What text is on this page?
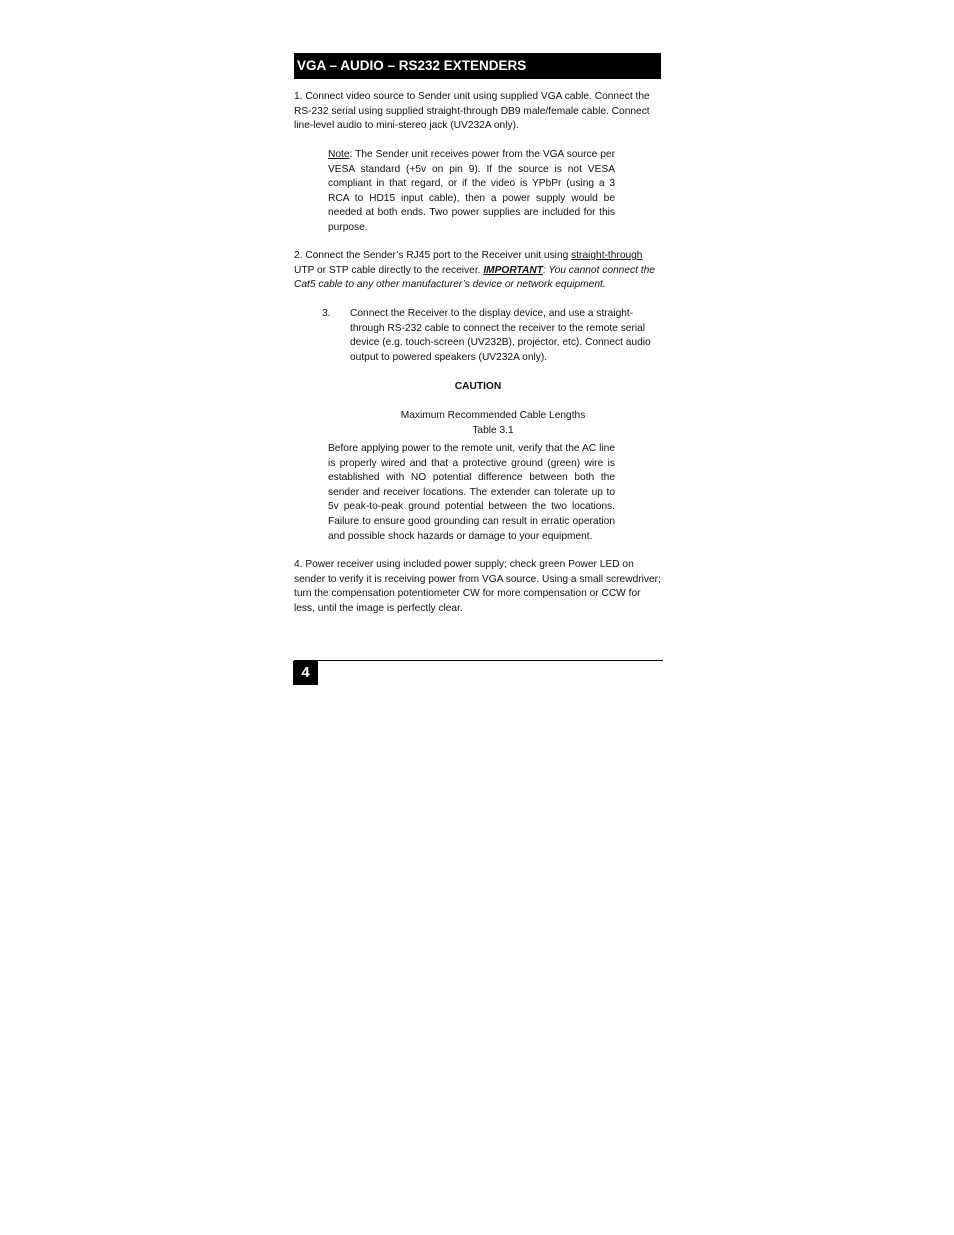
VGA – AUDIO – RS232 EXTENDERS

1. Connect video source to Sender unit using supplied VGA cable. Connect the RS-232 serial using supplied straight-through DB9 male/female cable. Connect line-level audio to mini-stereo jack (UV232A only).

Note: The Sender unit receives power from the VGA source per VESA standard (+5v on pin 9). If the source is not VESA compliant in that regard, or if the video is YPbPr (using a 3 RCA to HD15 input cable), then a power supply would be needed at both ends. Two power supplies are included for this purpose.

2. Connect the Sender’s RJ45 port to the Receiver unit using straight-through UTP or STP cable directly to the receiver. IMPORTANT: You cannot connect the Cat5 cable to any other manufacturer’s device or network equipment.

3. Connect the Receiver to the display device, and use a straight-through RS-232 cable to connect the receiver to the remote serial device (e.g. touch-screen (UV232B), projector, etc). Connect audio output to powered speakers (UV232A only).

CAUTION

Maximum Recommended Cable Lengths

Table 3.1

Before applying power to the remote unit, verify that the AC line is properly wired and that a protective ground (green) wire is established with NO potential difference between both the sender and receiver locations. The extender can tolerate up to 5v peak-to-peak ground potential between the two locations. Failure to ensure good grounding can result in erratic operation and possible shock hazards or damage to your equipment.

4. Power receiver using included power supply; check green Power LED on sender to verify it is receiving power from VGA source. Using a small screwdriver; turn the compensation potentiometer CW for more compensation or CCW for less, until the image is perfectly clear.

4
